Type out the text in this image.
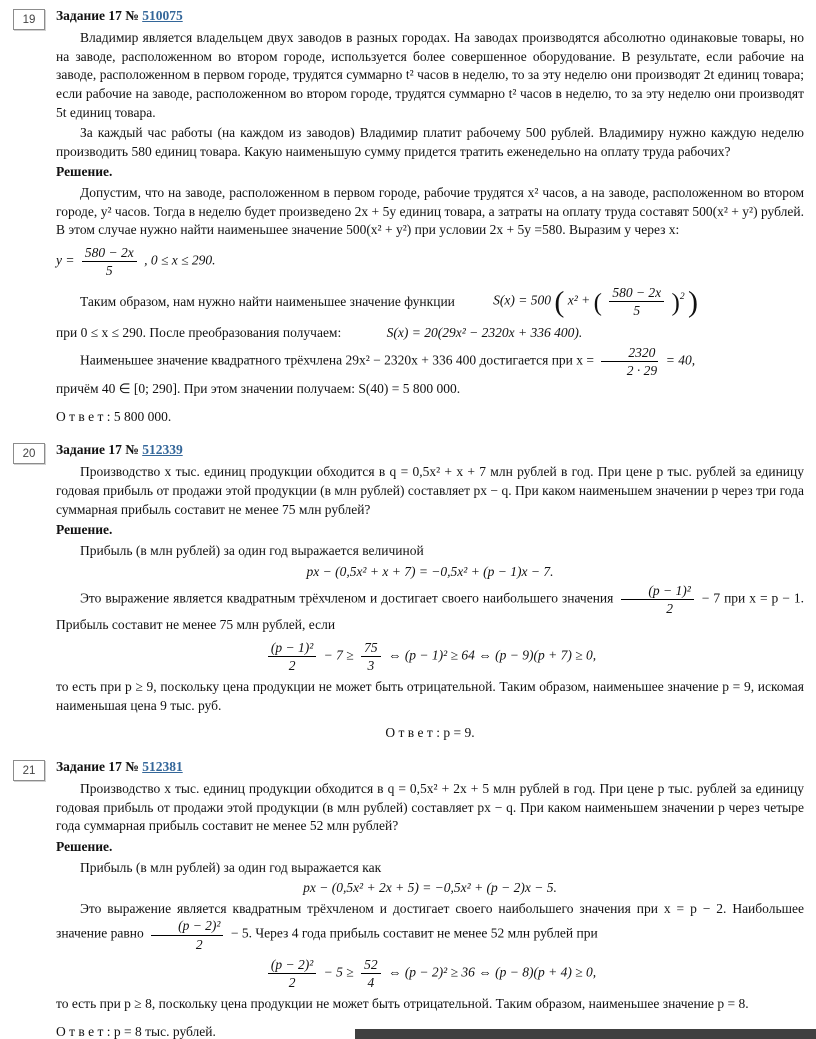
19	Задание 17 № 510075

Владимир является владельцем двух заводов в разных городах. На заводах производятся абсолютно одинаковые товары, но на заводе, расположенном во втором городе, используется более совершенное оборудование. В результате, если рабочие на заводе, расположенном в первом городе, трудятся суммарно t² часов в неделю, то за эту неделю они производят 2t единиц товара; если рабочие на заводе, расположенном во втором городе, трудятся суммарно t² часов в неделю, то за эту неделю они производят 5t единиц товара.

За каждый час работы (на каждом из заводов) Владимир платит рабочему 500 рублей. Владимиру нужно каждую неделю производить 580 единиц товара. Какую наименьшую сумму придется тратить еженедельно на оплату труда рабочих?

Решение.

Допустим, что на заводе, расположенном в первом городе, рабочие трудятся x² часов, а на заводе, расположенном во втором городе, y² часов. Тогда в неделю будет произведено 2x + 5y единиц товара, а затраты на оплату труда составят 500(x² + y²) рублей. В этом случае нужно найти наименьшее значение 500(x² + y²) при условии 2x + 5y =580. Выразим y через x:

$y = \frac{580 - 2x}{5}$ , 0 ≤ x ≤ 290.
Таким образом, нам нужно найти наименьшее значение функции	S(x) = 500 ( x² + ( $\frac{580 - 2x}{5} )^2$ )

при 0 ≤ x ≤ 290. После преобразования получаем:	S(x) = 20(29x² − 2320x + 336 400).

Наименьшее значение квадратного трёхчлена 29x² − 2320x + 336 400 достигается при $x = \frac{2320}{2 \cdot 29} = 40$,

причём 40 ∈ [0; 290]. При этом значении получаем: S(40) = 5 800 000.

О т в е т : 5 800 000.

20	Задание 17 № 512339

Производство x тыс. единиц продукции обходится в q = 0,5x² + x + 7 млн рублей в год. При цене p тыс. рублей за единицу годовая прибыль от продажи этой продукции (в млн рублей) составляет px − q. При каком наименьшем значении p через три года суммарная прибыль составит не менее 75 млн рублей?

Решение.

Прибыль (в млн рублей) за один год выражается величиной

px − (0,5x² + x + 7) = −0,5x² + (p − 1)x − 7.

Это выражение является квадратным трёхчленом и достигает своего наибольшего значения $\frac{\text{(p − 1)²}}{2} - 7$ при x = p − 1. Прибыль составит не менее 75 млн рублей, если

$\frac{\text{(p − 1)²}}{2} - 7 \ge \frac{75}{3}$ ⇔ (p − 1)² ≥ 64 ⇔ (p − 9)(p + 7) ≥ 0,

то есть при p ≥ 9, поскольку цена продукции не может быть отрицательной. Таким образом, наименьшее значение p = 9, искомая наименьшая цена 9 тыс. руб.

О т в е т : p = 9.

21	Задание 17 № 512381

Производство x тыс. единиц продукции обходится в q = 0,5x² + 2x + 5 млн рублей в год. При цене p тыс. рублей за единицу годовая прибыль от продажи этой продукции (в млн рублей) составляет px − q. При каком наименьшем значении p через четыре года суммарная прибыль составит не менее 52 млн рублей?

Решение.

Прибыль (в млн рублей) за один год выражается как

px − (0,5x² + 2x + 5) = −0,5x² + (p − 2)x − 5.

Это выражение является квадратным трёхчленом и достигает своего наибольшего значения при x = p − 2. Наибольшее значение равно $\frac{\text{(p − 2)²}}{2} - 5$. Через 4 года прибыль составит не менее 52 млн рублей при

$\frac{\text{(p − 2)²}}{2} - 5 \ge \frac{52}{4}$ ⇔ (p − 2)² ≥ 36 ⇔ (p − 8)(p + 4) ≥ 0,

то есть при p ≥ 8, поскольку цена продукции не может быть отрицательной. Таким образом, наименьшее значение p = 8.

О т в е т : p = 8 тыс. рублей.
